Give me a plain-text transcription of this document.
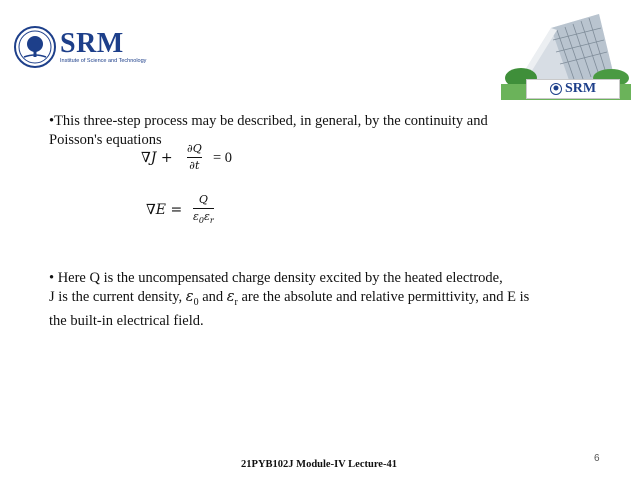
SRM
Institute of Science and Technology
SRM
•This three-step process may be described, in general, by the continuity and
Poisson's equations
∇J +
∂Q
∂t = 0
∇E =
Q
$\varepsilon_0\varepsilon_r$
• Here Q is the uncompensated charge density excited by the heated electrode,
J is the current density, $\varepsilon_0$ and $\varepsilon_r$ are the absolute and relative permittivity, and E is
the built-in electrical field.
6
21PYB102J Module-IV Lecture-41
